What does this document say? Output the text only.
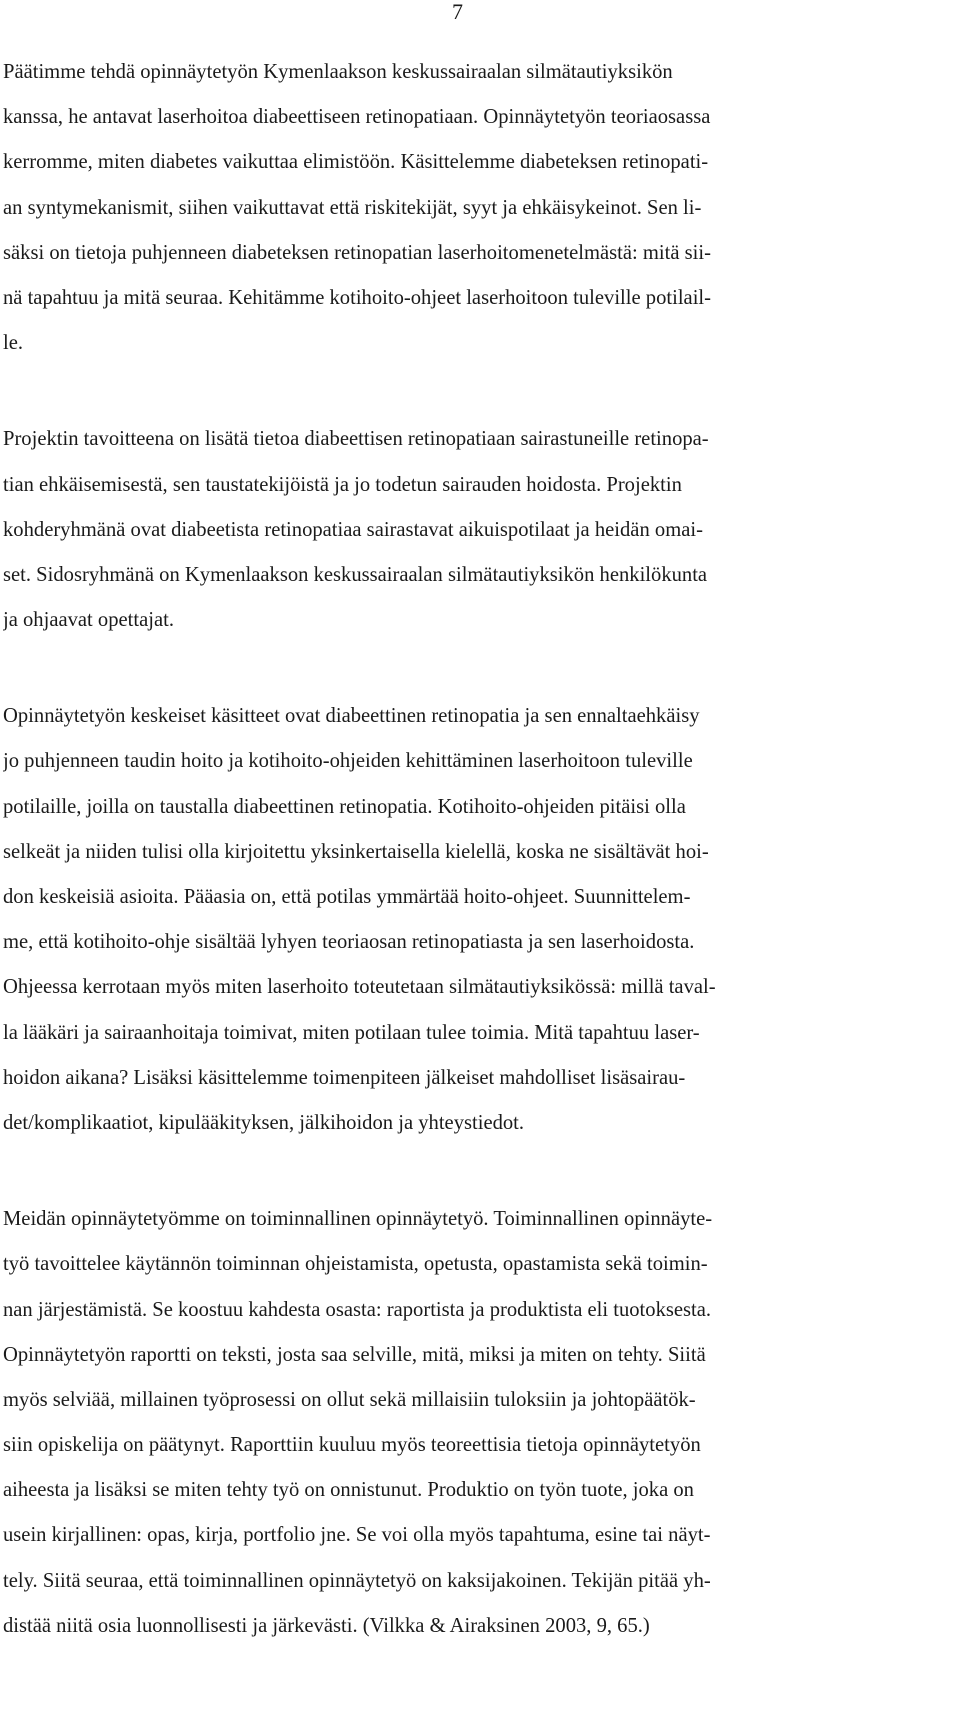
7
Päätimme tehdä opinnäytetyön Kymenlaakson keskussairaalan silmätautiyksikön
kanssa, he antavat laserhoitoa diabeettiseen retinopatiaan. Opinnäytetyön teoriaosassa
kerromme, miten diabetes vaikuttaa elimistöön. Käsittelemme diabeteksen retinopati-
an syntymekanismit, siihen vaikuttavat että riskitekijät, syyt ja ehkäisykeinot. Sen li-
säksi on tietoja puhjenneen diabeteksen retinopatian laserhoitomenetelmästä: mitä sii-
nä tapahtuu ja mitä seuraa. Kehitämme kotihoito-ohjeet laserhoitoon tuleville potilail-
le.
Projektin tavoitteena on lisätä tietoa diabeettisen retinopatiaan sairastuneille retinopa-
tian ehkäisemisestä, sen taustatekijöistä ja jo todetun sairauden hoidosta. Projektin
kohderyhmänä ovat diabeetista retinopatiaa sairastavat aikuispotilaat ja heidän omai-
set. Sidosryhmänä on Kymenlaakson keskussairaalan silmätautiyksikön henkilökunta
ja ohjaavat opettajat.
Opinnäytetyön keskeiset käsitteet ovat diabeettinen retinopatia ja sen ennaltaehkäisy
jo puhjenneen taudin hoito ja kotihoito-ohjeiden kehittäminen laserhoitoon tuleville
potilaille, joilla on taustalla diabeettinen retinopatia. Kotihoito-ohjeiden pitäisi olla
selkeät ja niiden tulisi olla kirjoitettu yksinkertaisella kielellä, koska ne sisältävät hoi-
don keskeisiä asioita. Pääasia on, että potilas ymmärtää hoito-ohjeet. Suunnittelem-
me, että kotihoito-ohje sisältää lyhyen teoriaosan retinopatiasta ja sen laserhoidosta.
Ohjeessa kerrotaan myös miten laserhoito toteutetaan silmätautiyksikössä: millä taval-
la lääkäri ja sairaanhoitaja toimivat, miten potilaan tulee toimia. Mitä tapahtuu laser-
hoidon aikana? Lisäksi käsittelemme toimenpiteen jälkeiset mahdolliset lisäsairau-
det/komplikaatiot, kipulääkityksen, jälkihoidon ja yhteystiedot.
Meidän opinnäytetyömme on toiminnallinen opinnäytetyö. Toiminnallinen opinnäyte-
työ tavoittelee käytännön toiminnan ohjeistamista, opetusta, opastamista sekä toimin-
nan järjestämistä. Se koostuu kahdesta osasta: raportista ja produktista eli tuotoksesta.
Opinnäytetyön raportti on teksti, josta saa selville, mitä, miksi ja miten on tehty. Siitä
myös selviää, millainen työprosessi on ollut sekä millaisiin tuloksiin ja johtopäätök-
siin opiskelija on päätynyt. Raporttiin kuuluu myös teoreettisia tietoja opinnäytetyön
aiheesta ja lisäksi se miten tehty työ on onnistunut. Produktio on työn tuote, joka on
usein kirjallinen: opas, kirja, portfolio jne. Se voi olla myös tapahtuma, esine tai näyt-
tely. Siitä seuraa, että toiminnallinen opinnäytetyö on kaksijakoinen. Tekijän pitää yh-
distää niitä osia luonnollisesti ja järkevästi. (Vilkka & Airaksinen 2003, 9, 65.)
